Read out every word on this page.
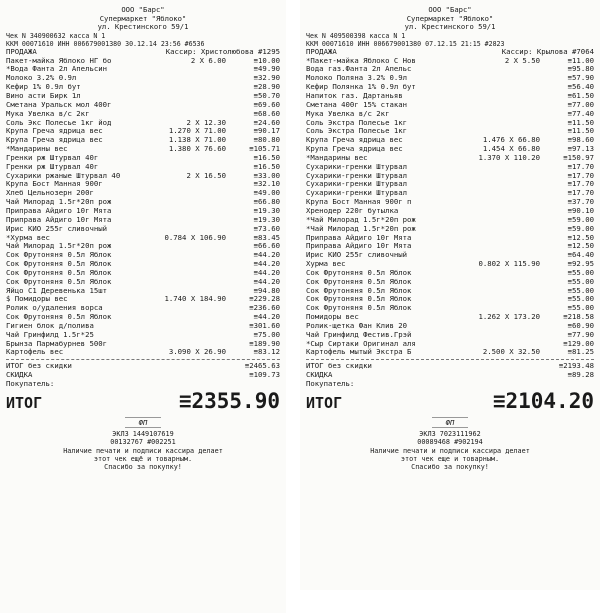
ООО "Барс"
Супермаркет "Яблоко"
ул. Крестинского 59/1
Чек N 340900632 касса N 1
ККМ 00071610 ИНН 006679001380 30.12.14 23:56 #6536
ПРОДАЖА	Кассир: Христолюбова #1295
Пакет-майка Яблоко НГ бо	2 X 6.00	≡10.00
*Вода Фанта 2л Апельсин	≡49.90
Молоко 3.2% 0.9л	≡32.90
Кефир 1% 0.9л бут	≡28.90
Вино асти Бирк 1л	≡50.70
Сметана Уральск мол 400г	≡69.60
Мука Увелка в/с 2кг	≡68.60
Соль Экс Полесье 1кг йод	2 X 12.30	≡24.60
Крупа Греча ядрица вес	1.270 X 71.00	≡90.17
Крупа Греча ядрица вес	1.138 X 71.00	≡80.80
*Мандарины вес	1.380 X 76.60	≡105.71
Гренки рж Штурвал 40г	≡16.50
Гренки рж Штурвал 40г	≡16.50
Сухарики ржаные Штурвал 40	2 X 16.50	≡33.00
Крупа Бост Манная 900г	≡32.10
Хлеб Цельнозерн 200г	≡49.00
Чай Милорад 1.5г*20п рож	≡66.80
Приправа Айдиго 10г Мята	≡19.30
Приправа Айдиго 10г Мята	≡19.30
Ирис КИО 255г сливочный	≡73.60
*Хурма вес	0.784 X 106.90	≡83.45
Чай Милорад 1.5г*20п рож	≡66.60
Сок Фрутоняня 0.5л Яблок	≡44.20
Сок Фрутоняня 0.5л Яблок	≡44.20
Сок Фрутоняня 0.5л Яблок	≡44.20
Сок Фрутоняня 0.5л Яблок	≡44.20
Яйцо С1 Деревенька 15шт	≡94.80
$ Помидоры вес	1.740 X 184.90	≡229.28
Ролик о/удаления ворса	≡236.60
Сок Фрутоняня 0.5л Яблок	≡44.20
Гигиен блок д/полива	≡301.60
Чай Гринфилд 1.5г*25	≡75.00
Брынза Пармабурнев 500г	≡189.90
Картофель вес	3.090 X 26.90	≡83.12
ИТОГ без скидки	≡2465.63
СКИДКА	≡109.73
Покупатель:
ИТОГ	≡2355.90
ФП
ЭКЛЗ 1449107619
00132767 #002251
Наличие печати и подписи кассира делает
этот чек ещё и товарным.
Спасибо за покупку!
ООО "Барс"
Супермаркет "Яблоко"
ул. Крестинского 59/1
Чек N 409500398 касса N 1
ККМ 00071610 ИНН 006679001380 07.12.15 21:15 #2823
ПРОДАЖА	Кассир: Крылова #7064
*Пакет-майка Яблоко С Нов	2 X 5.50	≡11.00
Вода газ.Фанта 2л Апельс	≡95.80
Молоко Поляна 3.2% 0.9л	≡57.90
Кефир Полянка 1% 0.9л бут	≡56.40
Напиток газ. Дартаньяв	≡61.50
Сметана 400г 15% стакан	≡77.00
Мука Увелка в/с 2кг	≡77.40
Соль Экстра Полесье 1кг	≡11.50
Соль Экстра Полесье 1кг	≡11.50
Крупа Греча ядрица вес	1.476 X 66.80	≡98.60
Крупа Греча ядрица вес	1.454 X 66.80	≡97.13
*Мандарины вес	1.370 X 110.20	≡150.97
Сухарики-гренки Штурвал	≡17.70
Сухарики-гренки Штурвал	≡17.70
Сухарики-гренки Штурвал	≡17.70
Сухарики-гренки Штурвал	≡17.70
Крупа Бост Манная 900г п	≡37.70
Хренодер 220г бутылка	≡90.10
*Чай Милорад 1.5г*20п рож	≡59.00
*Чай Милорад 1.5г*20п рож	≡59.00
Приправа Айдиго 10г Мята	≡12.50
Приправа Айдиго 10г Мята	≡12.50
Ирис КИО 255г сливочный	≡64.40
Хурма вес	0.802 X 115.90	≡92.95
Сок Фрутоняня 0.5л Яблок	≡55.00
Сок Фрутоняня 0.5л Яблок	≡55.00
Сок Фрутоняня 0.5л Яблок	≡55.00
Сок Фрутоняня 0.5л Яблок	≡55.00
Сок Фрутоняня 0.5л Яблок	≡55.00
Помидоры вес	1.262 X 173.20	≡218.58
Ролик-щетка Фан Клив 20	≡60.90
Чай Гринфилд Фестив.Грэй	≡77.90
*Сыр Сиртаки Оригинал аля	≡129.00
Картофель мытый Экстра Б	2.500 X 32.50	≡81.25
ИТОГ без скидки	≡2193.48
СКИДКА	≡89.28
Покупатель:
ИТОГ	≡2104.20
ФП
ЭКЛЗ 7023111962
00089468 #902194
Наличие печати и подписи кассира делает
этот чек еще и товарным.
Спасибо за покупку!
